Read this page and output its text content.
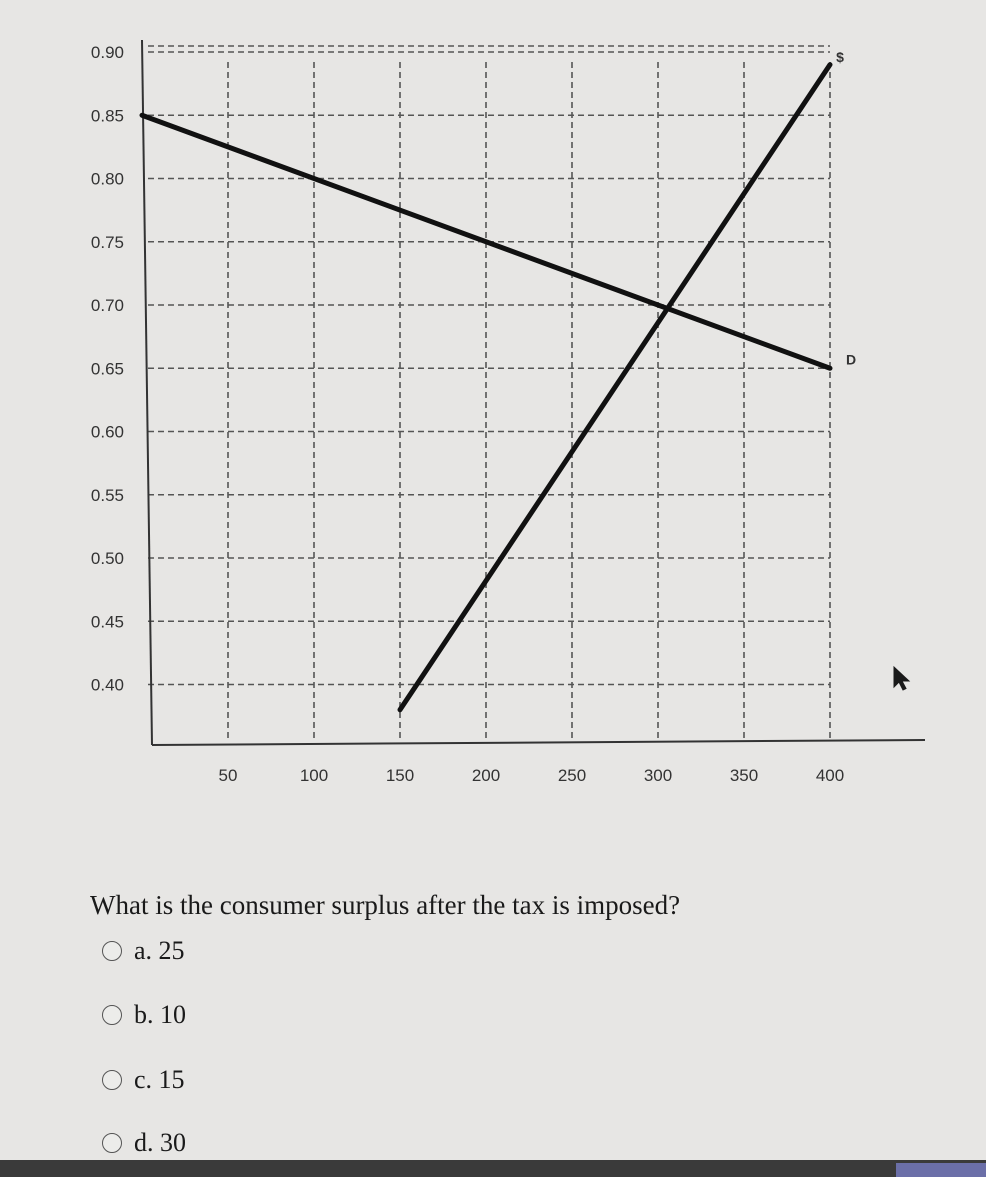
0.40
0.45
0.50
0.55
0.60
0.65
0.70
0.75
0.80
0.85
0.90
50	100	150	200	250	300	350	400
$
D
What is the consumer surplus after the tax is imposed?
a. 25
b. 10
c. 15
d. 30
